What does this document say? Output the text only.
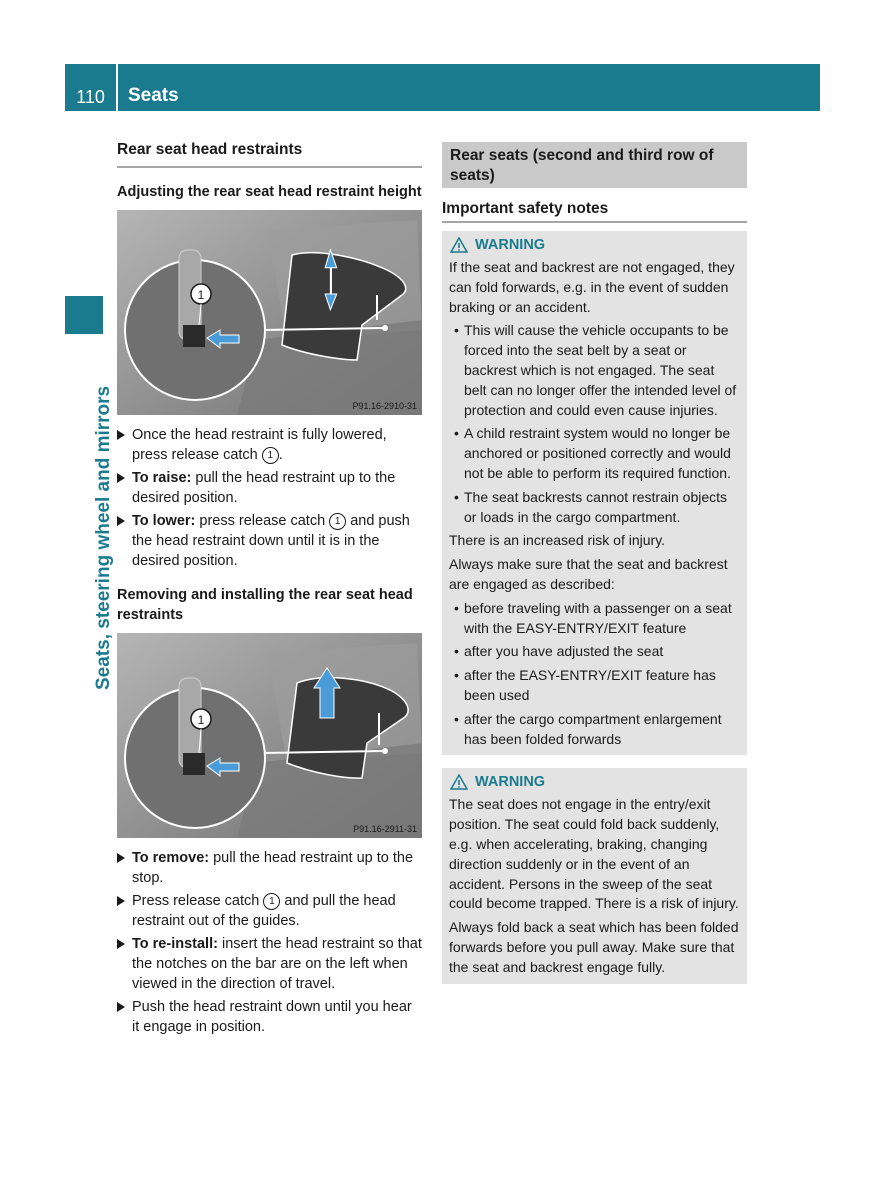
110	Seats
Seats, steering wheel and mirrors
Rear seat head restraints
Adjusting the rear seat head restraint height
1
P91.16-2910-31
Once the head restraint is fully lowered, press release catch 1 .
To raise: pull the head restraint up to the desired position.
To lower: press release catch 1 and push the head restraint down until it is in the desired position.
Removing and installing the rear seat head restraints
1
P91.16-2911-31
To remove: pull the head restraint up to the stop.
Press release catch 1 and pull the head restraint out of the guides.
To re-install: insert the head restraint so that the notches on the bar are on the left when viewed in the direction of travel.
Push the head restraint down until you hear it engage in position.
Rear seats (second and third row of seats)
Important safety notes
WARNING

If the seat and backrest are not engaged, they can fold forwards, e.g. in the event of sudden braking or an accident.

• This will cause the vehicle occupants to be forced into the seat belt by a seat or backrest which is not engaged. The seat belt can no longer offer the intended level of protection and could even cause injuries.
• A child restraint system would no longer be anchored or positioned correctly and would not be able to perform its required function.
• The seat backrests cannot restrain objects or loads in the cargo compartment.

There is an increased risk of injury.

Always make sure that the seat and backrest are engaged as described:

• before traveling with a passenger on a seat with the EASY-ENTRY/EXIT feature
• after you have adjusted the seat
• after the EASY-ENTRY/EXIT feature has been used
• after the cargo compartment enlargement has been folded forwards
WARNING

The seat does not engage in the entry/exit position. The seat could fold back suddenly, e.g. when accelerating, braking, changing direction suddenly or in the event of an accident. Persons in the sweep of the seat could become trapped. There is a risk of injury.

Always fold back a seat which has been folded forwards before you pull away. Make sure that the seat and backrest engage fully.
